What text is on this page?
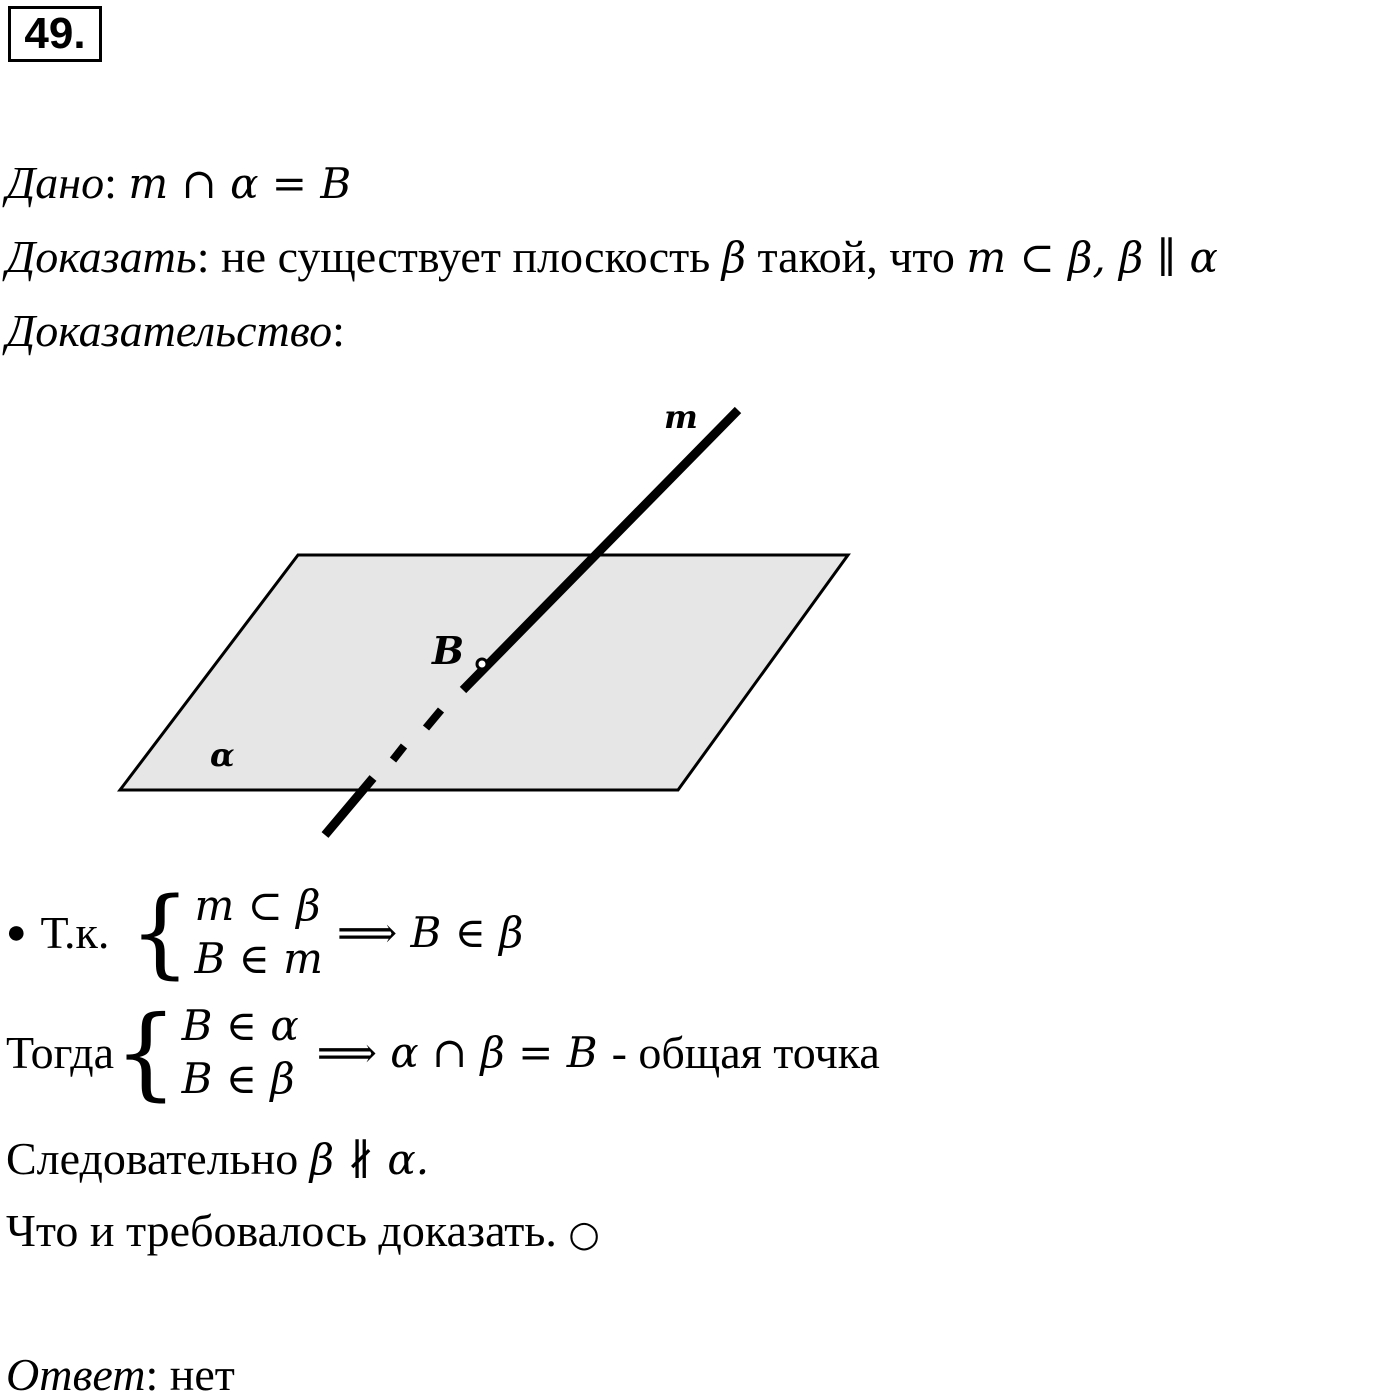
49.
Дано: m ∩ α = B
Доказать: не существует плоскость β такой, что m ⊂ β, β ∥ α
Доказательство:
m
B
α
● Т.к. { m ⊂ β
B ∈ m
⟹ B ∈ β
Тогда { B ∈ α
B ∈ β
⟹ α ∩ β = B - общая точка
Следовательно β ∦ α.
Что и требовалось доказать. ○
Ответ: нет
